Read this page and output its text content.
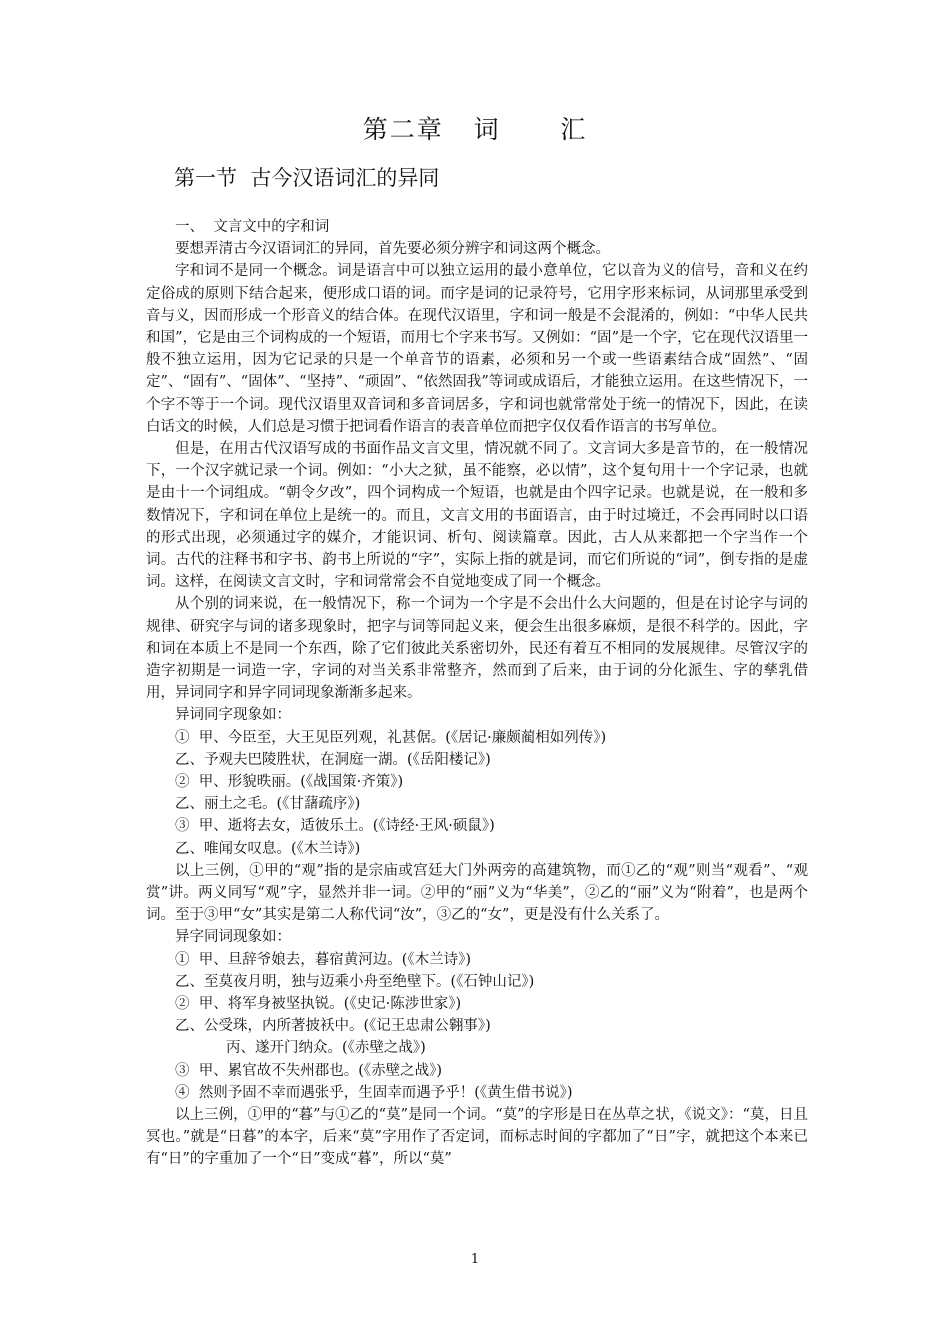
第二章   词      汇
第一节  古今汉语词汇的异同
一、  文言文中的字和词
要想弄清古今汉语词汇的异同，首先要必须分辨字和词这两个概念。
字和词不是同一个概念。词是语言中可以独立运用的最小意单位，它以音为义的信号，音和义在约定俗成的原则下结合起来，便形成口语的词。而字是词的记录符号，它用字形来标词，从词那里承受到音与义，因而形成一个形音义的结合体。在现代汉语里，字和词一般是不会混淆的，例如：“中华人民共和国”，它是由三个词构成的一个短语，而用七个字来书写。又例如：“固”是一个字，它在现代汉语里一般不独立运用，因为它记录的只是一个单音节的语素，必须和另一个或一些语素结合成“固然”、“固定”、“固有”、“固体”、“坚持”、“顽固”、“依然固我”等词或成语后，才能独立运用。在这些情况下，一个字不等于一个词。现代汉语里双音词和多音词居多，字和词也就常常处于统一的情况下，因此，在读白话文的时候，人们总是习惯于把词看作语言的表音单位而把字仅仅看作语言的书写单位。
但是，在用古代汉语写成的书面作品文言文里，情况就不同了。文言词大多是音节的，在一般情况下，一个汉字就记录一个词。例如：“小大之狱，虽不能察，必以情”，这个复句用十一个字记录，也就是由十一个词组成。“朝令夕改”，四个词构成一个短语，也就是由个四字记录。也就是说，在一般和多数情况下，字和词在单位上是统一的。而且，文言文用的书面语言，由于时过境迁，不会再同时以口语的形式出现，必须通过字的媒介，才能识词、析句、阅读篇章。因此，古人从来都把一个字当作一个词。古代的注释书和字书、韵书上所说的“字”，实际上指的就是词，而它们所说的“词”，倒专指的是虚词。这样，在阅读文言文时，字和词常常会不自觉地变成了同一个概念。
从个别的词来说，在一般情况下，称一个词为一个字是不会出什么大问题的，但是在讨论字与词的规律、研究字与词的诸多现象时，把字与词等同起义来，便会生出很多麻烦，是很不科学的。因此，字和词在本质上不是同一个东西，除了它们彼此关系密切外，民还有着互不相同的发展规律。尽管汉字的造字初期是一词造一字，字词的对当关系非常整齐，然而到了后来，由于词的分化派生、字的孳乳借用，异词同字和异字同词现象渐渐多起来。
异词同字现象如：
①  甲、今臣至，大王见臣列观，礼甚倨。(《居记·廉颇蔺相如列传》)
乙、予观夫巴陵胜状，在洞庭一湖。(《岳阳楼记》)
②  甲、形貌昳丽。(《战国策·齐策》)
乙、丽土之毛。(《甘藷疏序》)
③  甲、逝将去女，适彼乐土。(《诗经·王风·硕鼠》)
乙、唯闻女叹息。(《木兰诗》)
以上三例，①甲的“观”指的是宗庙或宫廷大门外两旁的高建筑物，而①乙的“观”则当“观看”、“观赏”讲。两义同写“观”字，显然并非一词。②甲的“丽”义为“华美”，②乙的“丽”义为“附着”，也是两个词。至于③甲“女”其实是第二人称代词“汝”，③乙的“女”，更是没有什么关系了。
异字同词现象如：
①  甲、旦辞爷娘去，暮宿黄河边。(《木兰诗》)
乙、至莫夜月明，独与迈乘小舟至绝壁下。(《石钟山记》)
②  甲、将军身被坚执锐。(《史记·陈涉世家》)
乙、公受珠，内所著披袄中。(《记王忠肃公翱事》)
丙、遂开门纳众。(《赤壁之战》)
③  甲、累官故不失州郡也。(《赤壁之战》)
④  然则予固不幸而遇张乎，生固幸而遇予乎！(《黄生借书说》)
以上三例，①甲的“暮”与①乙的“莫”是同一个词。“莫”的字形是日在丛草之状，《说文》：“莫，日且冥也。”就是“日暮”的本字，后来“莫”字用作了否定词，而标志时间的字都加了“日”字，就把这个本来已有“日”的字重加了一个“日”变成“暮”，所以“莫”
1
